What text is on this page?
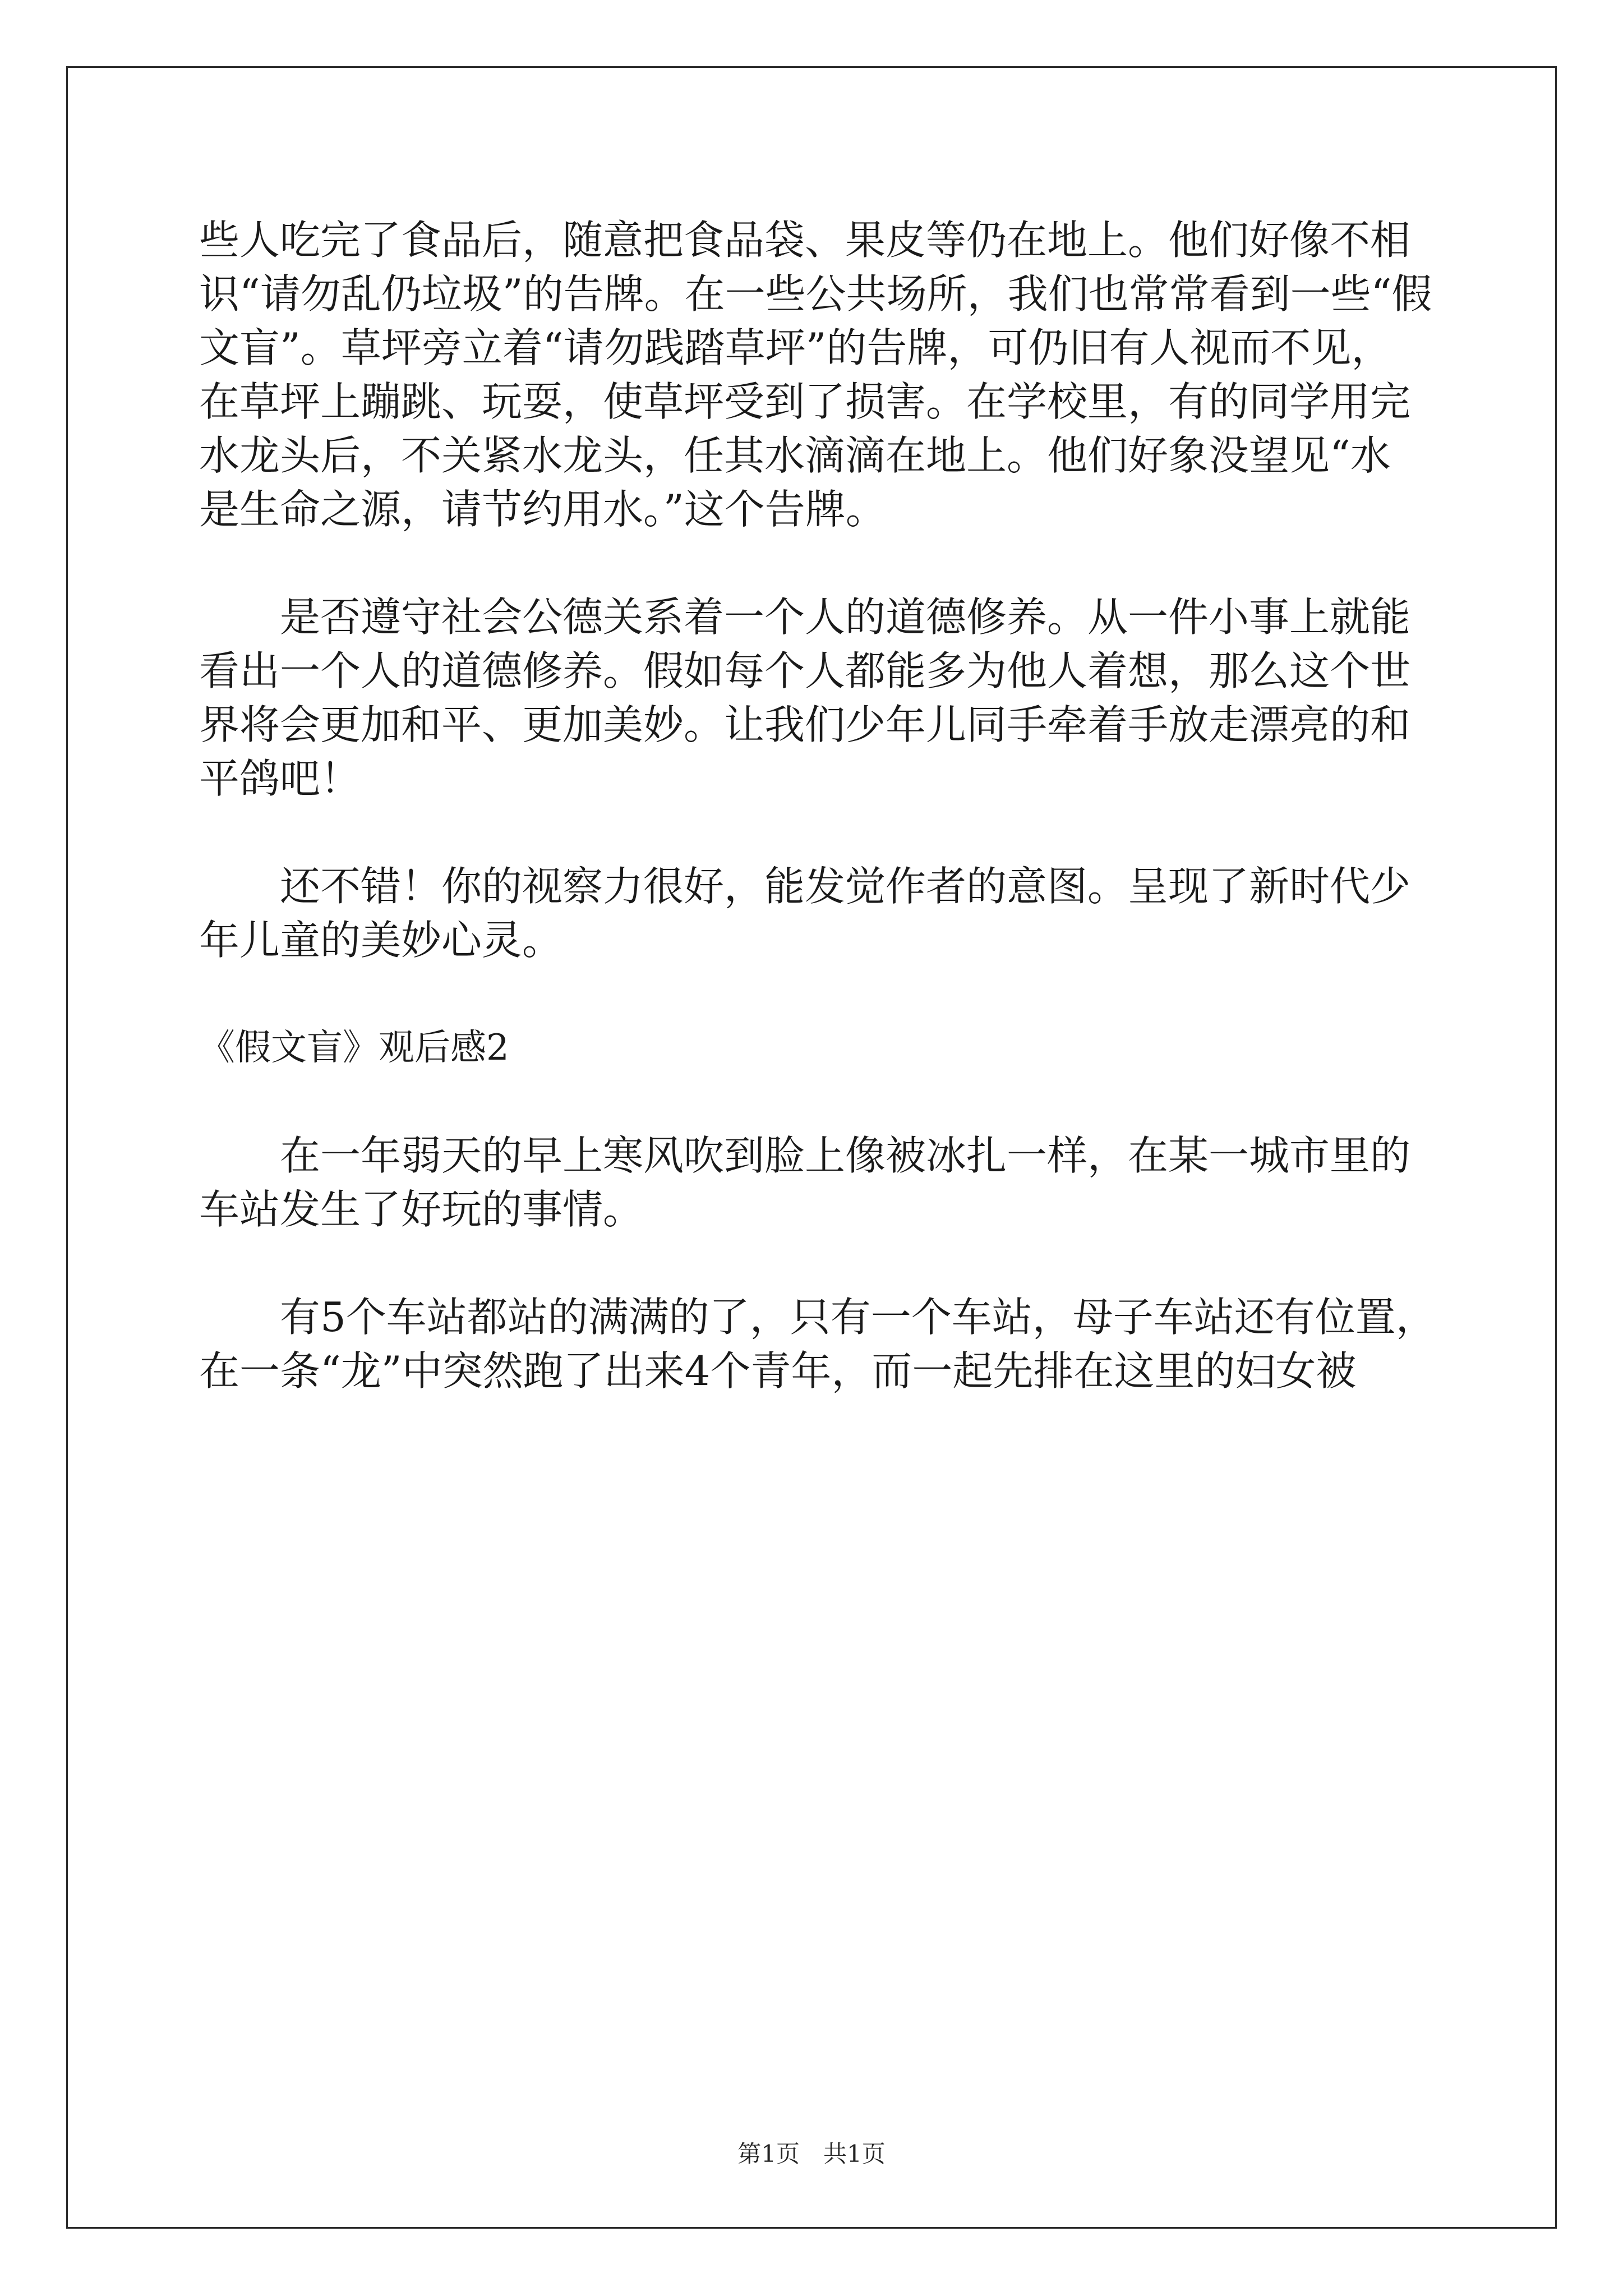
些人吃完了食品后，随意把食品袋、果皮等仍在地上。他们好像不相
识“请勿乱仍垃圾”的告牌。在一些公共场所，我们也常常看到一些“假
文盲”。草坪旁立着“请勿践踏草坪”的告牌，可仍旧有人视而不见，
在草坪上蹦跳、玩耍，使草坪受到了损害。在学校里，有的同学用完
水龙头后，不关紧水龙头，任其水滴滴在地上。他们好象没望见“水
是生命之源，请节约用水。”这个告牌。
是否遵守社会公德关系着一个人的道德修养。从一件小事上就能
看出一个人的道德修养。假如每个人都能多为他人着想，那么这个世
界将会更加和平、更加美妙。让我们少年儿同手牵着手放走漂亮的和
平鸽吧！
还不错！你的视察力很好，能发觉作者的意图。呈现了新时代少
年儿童的美妙心灵。
《假文盲》观后感2
在一年弱天的早上寒风吹到脸上像被冰扎一样，在某一城市里的
车站发生了好玩的事情。
有5个车站都站的满满的了，只有一个车站，母子车站还有位置，
在一条“龙”中突然跑了出来4个青年，而一起先排在这里的妇女被
第1页　共1页
